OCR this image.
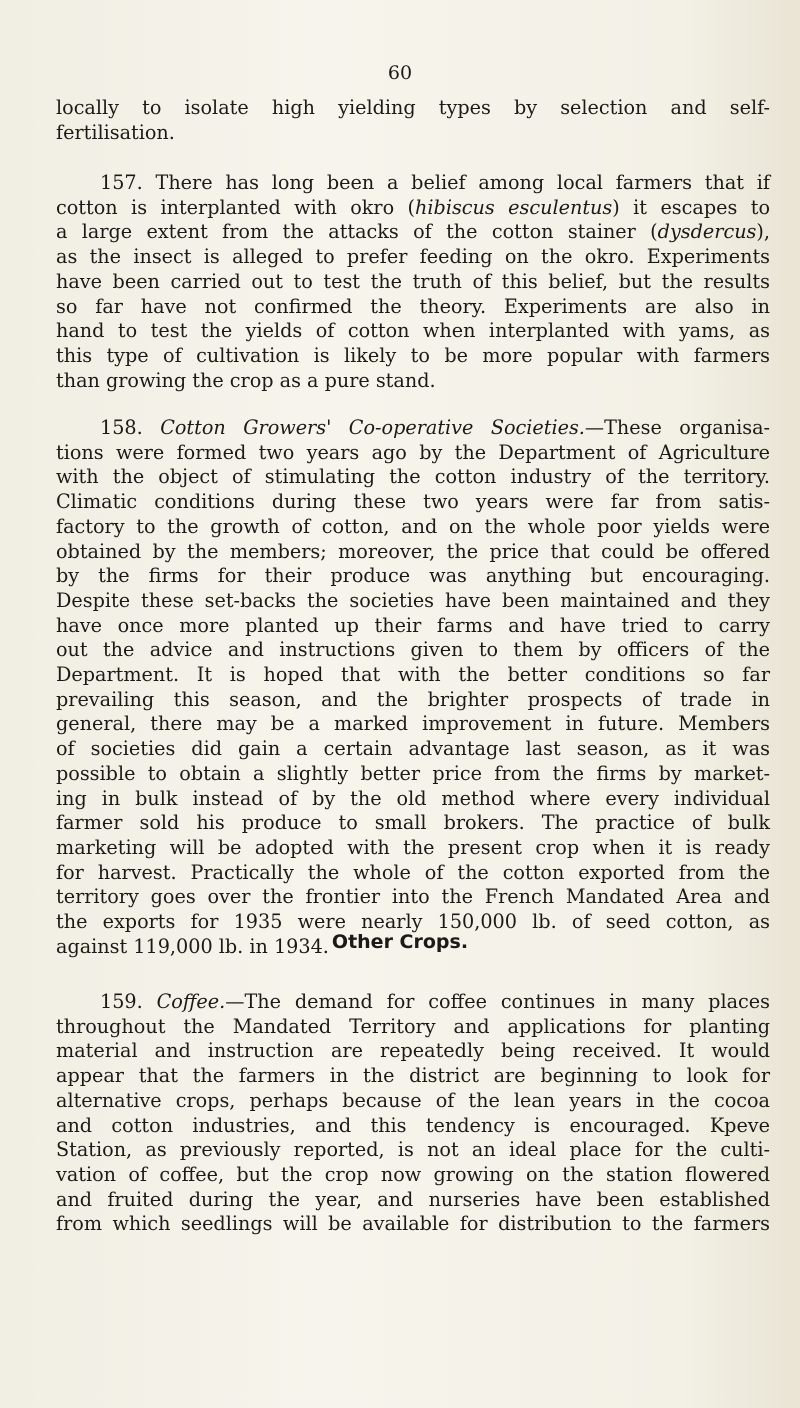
60
locally to isolate high yielding types by selection and self-
fertilisation.
157. There has long been a belief among local farmers that if
cotton is interplanted with okro (hibiscus esculentus) it escapes to
a large extent from the attacks of the cotton stainer (dysdercus),
as the insect is alleged to prefer feeding on the okro. Experiments
have been carried out to test the truth of this belief, but the results
so far have not confirmed the theory. Experiments are also in
hand to test the yields of cotton when interplanted with yams, as
this type of cultivation is likely to be more popular with farmers
than growing the crop as a pure stand.
158. Cotton Growers' Co-operative Societies.—These organisa-
tions were formed two years ago by the Department of Agriculture
with the object of stimulating the cotton industry of the territory.
Climatic conditions during these two years were far from satis-
factory to the growth of cotton, and on the whole poor yields were
obtained by the members; moreover, the price that could be offered
by the firms for their produce was anything but encouraging.
Despite these set-backs the societies have been maintained and they
have once more planted up their farms and have tried to carry
out the advice and instructions given to them by officers of the
Department. It is hoped that with the better conditions so far
prevailing this season, and the brighter prospects of trade in
general, there may be a marked improvement in future. Members
of societies did gain a certain advantage last season, as it was
possible to obtain a slightly better price from the firms by market-
ing in bulk instead of by the old method where every individual
farmer sold his produce to small brokers. The practice of bulk
marketing will be adopted with the present crop when it is ready
for harvest. Practically the whole of the cotton exported from the
territory goes over the frontier into the French Mandated Area and
the exports for 1935 were nearly 150,000 lb. of seed cotton, as
against 119,000 lb. in 1934. Other Crops.
159. Coffee.—The demand for coffee continues in many places
throughout the Mandated Territory and applications for planting
material and instruction are repeatedly being received. It would
appear that the farmers in the district are beginning to look for
alternative crops, perhaps because of the lean years in the cocoa
and cotton industries, and this tendency is encouraged. Kpeve
Station, as previously reported, is not an ideal place for the culti-
vation of coffee, but the crop now growing on the station flowered
and fruited during the year, and nurseries have been established
from which seedlings will be available for distribution to the farmers
